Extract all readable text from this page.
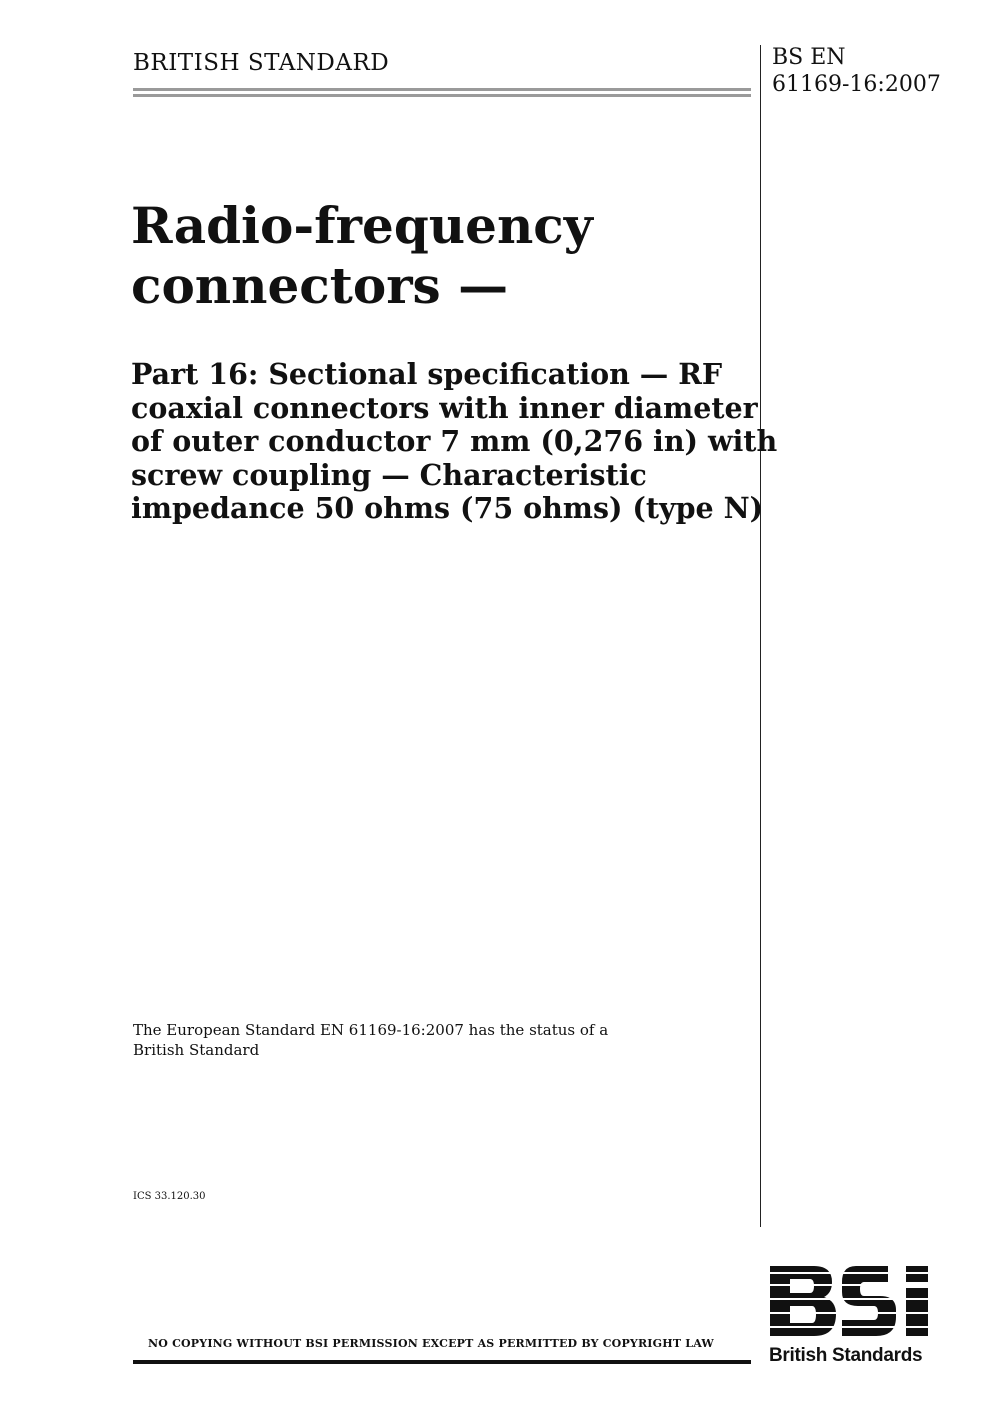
BRITISH STANDARD	BS EN
61169-16:2007
Radio-frequency
connectors —
Part 16: Sectional specification — RF
coaxial connectors with inner diameter
of outer conductor 7 mm (0,276 in) with
screw coupling — Characteristic
impedance 50 ohms (75 ohms) (type N)
The European Standard EN 61169-16:2007 has the status of a
British Standard
ICS 33.120.30
NO COPYING WITHOUT BSI PERMISSION EXCEPT AS PERMITTED BY COPYRIGHT LAW
British Standards
